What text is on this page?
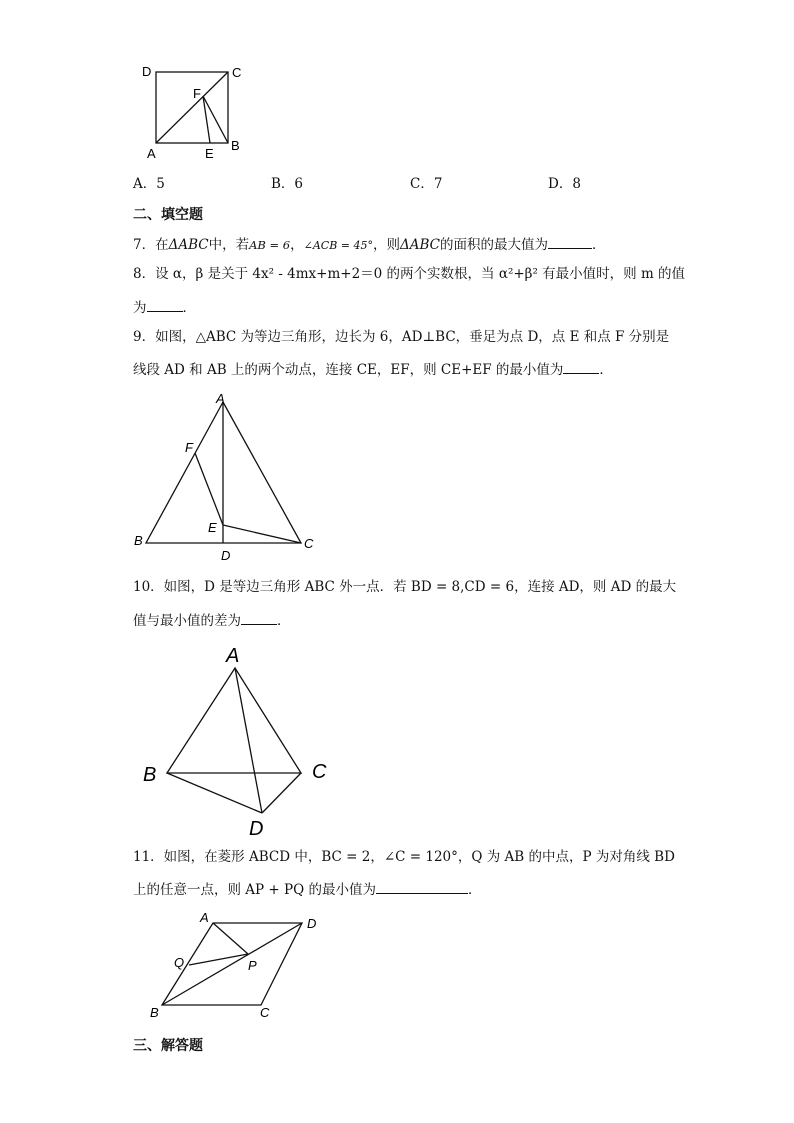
D	C
F
A	E
B
A．5	B．6	C．7	D．8
二、填空题
7．在ΔABC中，若AB = 6，∠ACB = 45°，则ΔABC的面积的最大值为	．
8．设 α，β 是关于 4x² - 4mx+m+2＝0 的两个实数根，当 α²+β² 有最小值时，则 m 的值
为	．
9．如图，△ABC 为等边三角形，边长为 6，AD⊥BC，垂足为点 D，点 E 和点 F 分别是
线段 AD 和 AB 上的两个动点，连接 CE，EF，则 CE+EF 的最小值为	．
A
F
E
B
D
C
10．如图，D 是等边三角形 ABC 外一点．若 BD = 8,CD = 6，连接 AD，则 AD 的最大
值与最小值的差为	．
A
B	C
D
11．如图，在菱形 ABCD 中，BC = 2，∠C = 120°，Q 为 AB 的中点，P 为对角线 BD
上的任意一点，则 AP + PQ 的最小值为	．
A	D
Q	P
B	C
三、解答题
